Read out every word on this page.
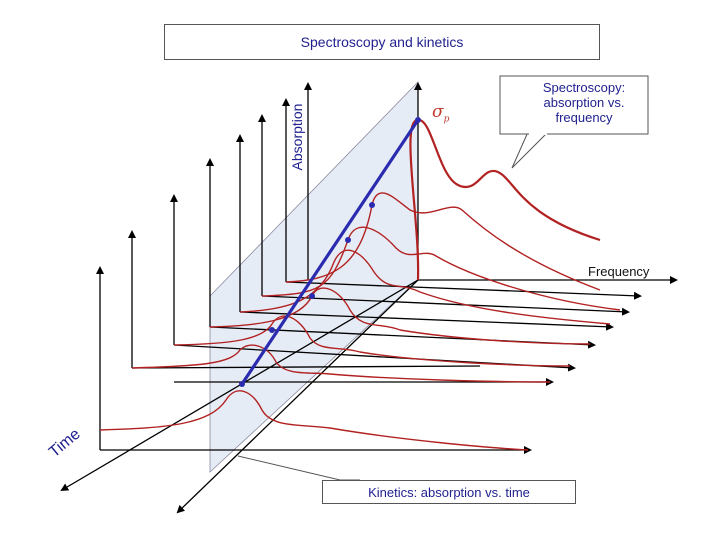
Spectroscopy and kinetics
Absorption
Frequency
Time
Spectroscopy: absorption vs. frequency
$\sigma_p$
Kinetics: absorption vs. time
